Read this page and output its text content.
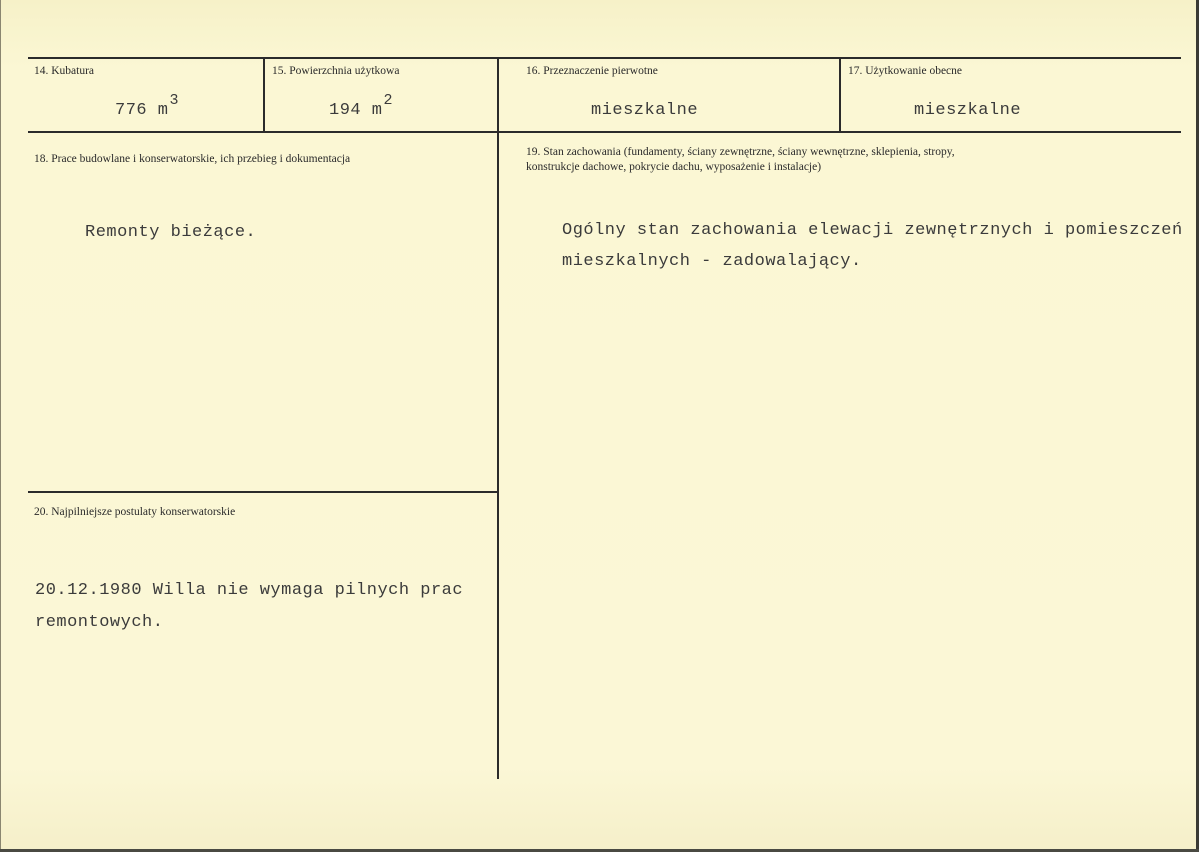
14. Kubatura
776 m3
15. Powierzchnia użytkowa
194 m2
16. Przeznaczenie pierwotne
mieszkalne
17. Użytkowanie obecne
mieszkalne
18. Prace budowlane i konserwatorskie, ich przebieg i dokumentacja
Remonty bieżące.
19. Stan zachowania (fundamenty, ściany zewnętrzne, ściany wewnętrzne, sklepienia, stropy,
konstrukcje dachowe, pokrycie dachu, wyposażenie i instalacje)
Ogólny stan zachowania elewacji zewnętrznych i pomieszczeń
mieszkalnych - zadowalający.
20. Najpilniejsze postulaty konserwatorskie
20.12.1980 Willa nie wymaga pilnych prac
remontowych.
